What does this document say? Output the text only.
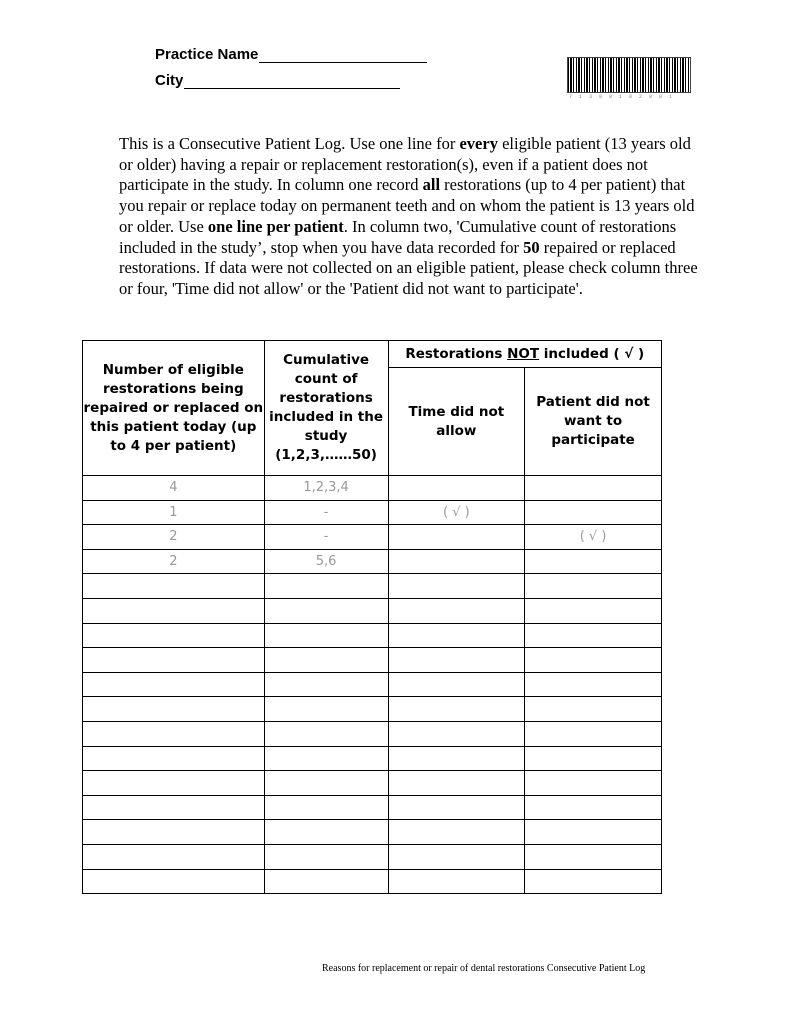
Practice Name
City
7 1 3 0 0 1 0 2 0 0 1
This is a Consecutive Patient Log. Use one line for every eligible patient (13 years old or older) having a repair or replacement restoration(s), even if a patient does not participate in the study. In column one record all restorations (up to 4 per patient) that you repair or replace today on permanent teeth and on whom the patient is 13 years old or older. Use one line per patient. In column two, 'Cumulative count of restorations included in the study’, stop when you have data recorded for 50 repaired or replaced restorations. If data were not collected on an eligible patient, please check column three or four, 'Time did not allow' or the 'Patient did not want to participate'.
Number of eligible restorations being repaired or replaced on this patient today (up to 4 per patient)	Cumulative count of restorations included in the study (1,2,3,……50)	Restorations NOT included ( √ )	
		Time did not allow	Patient did not want to participate
4	1,2,3,4		
1	-	( √ )	
2	-		( √ )
2	5,6		

Reasons for replacement or repair of dental restorations Consecutive Patient Log
